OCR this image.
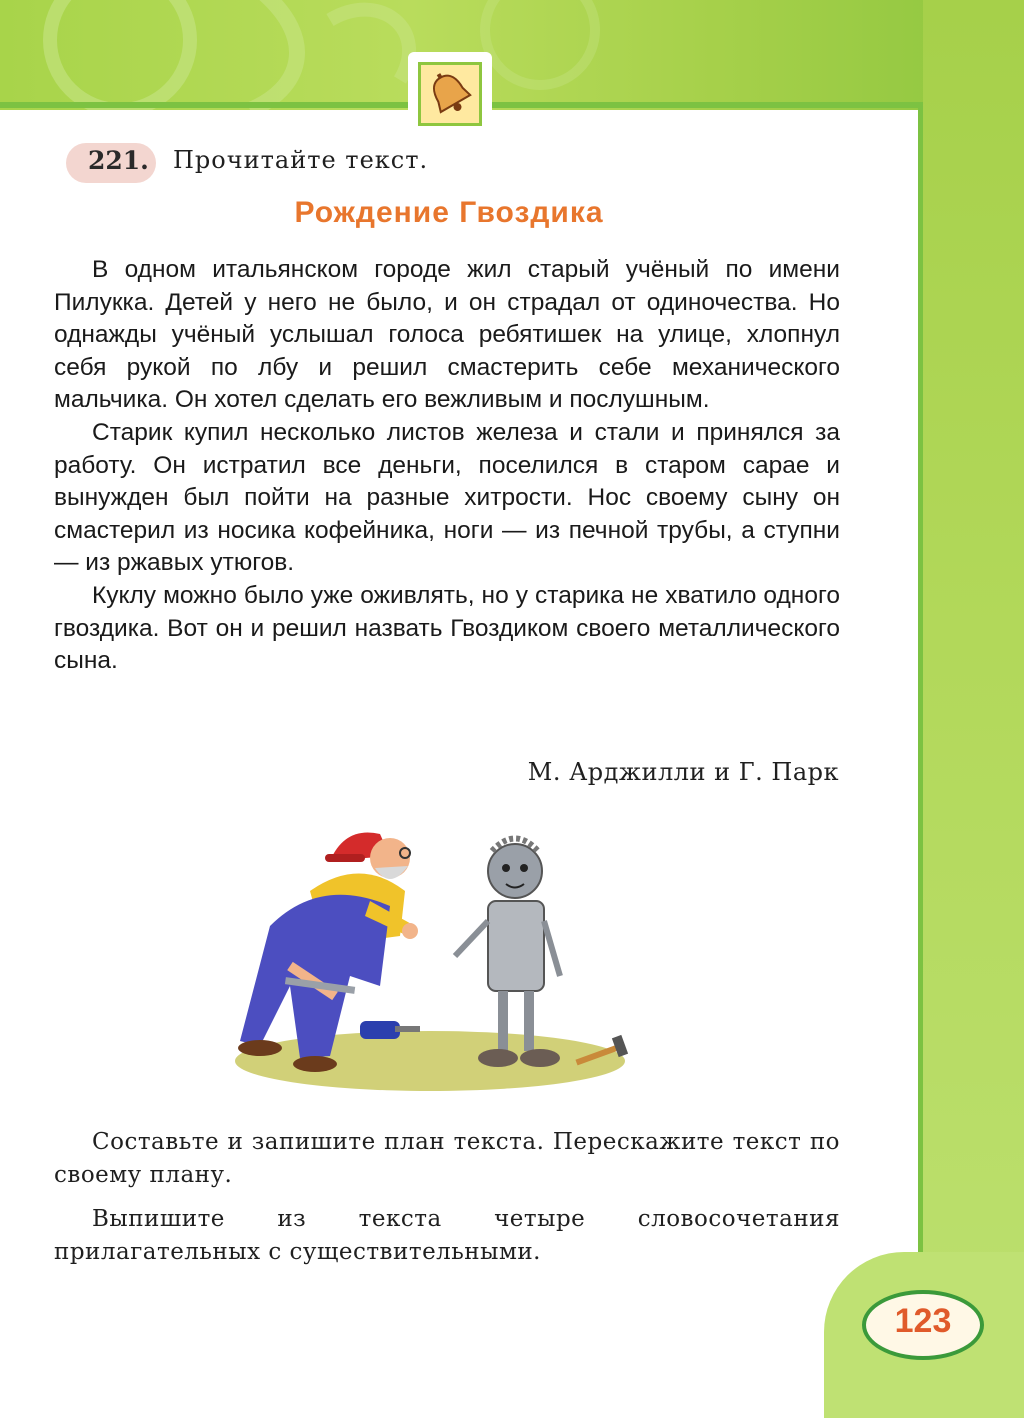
221. Прочитайте текст.
Рождение Гвоздика

В одном итальянском городе жил старый учёный по имени Пилукка. Детей у него не было, и он страдал от одиночества. Но однажды учёный услышал голоса ребятишек на улице, хлопнул себя рукой по лбу и решил смастерить себе механического мальчика. Он хотел сделать его вежливым и послушным.

Старик купил несколько листов железа и стали и принялся за работу. Он истратил все деньги, поселился в старом сарае и вынужден был пойти на разные хитрости. Нос своему сыну он смастерил из носика кофейника, ноги — из печной трубы, а ступни — из ржавых утюгов.

Куклу можно было уже оживлять, но у старика не хватило одного гвоздика. Вот он и решил назвать Гвоздиком своего металлического сына.

М. Арджилли и Г. Парк
Составьте и запишите план текста. Перескажите текст по своему плану.
Выпишите из текста четыре словосочетания прилагательных с существительными.
123
